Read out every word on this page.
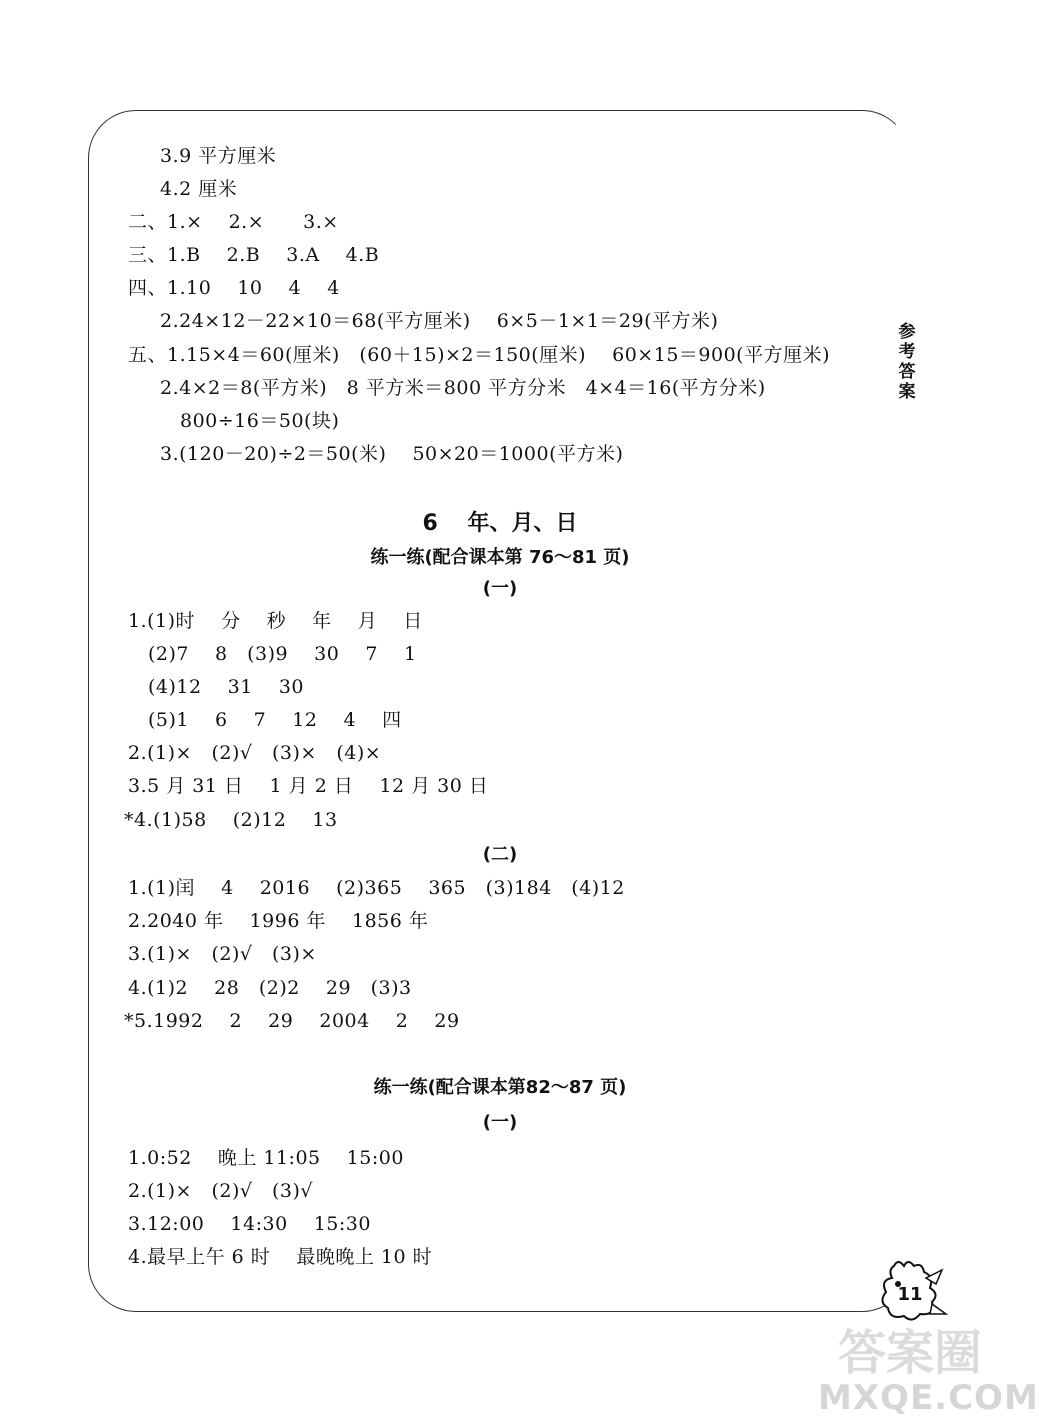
3.9 平方厘米
4.2 厘米
二、1.×　 2.×　　3.×
三、1.B　 2.B　 3.A　 4.B
四、1.10　 10　 4　 4
2.24×12－22×10＝68(平方厘米)　 6×5－1×1＝29(平方米)
五、1.15×4＝60(厘米)　(60＋15)×2＝150(厘米)　 60×15＝900(平方厘米)
2.4×2＝8(平方米)　8 平方米＝800 平方分米　4×4＝16(平方分米)
800÷16＝50(块)
3.(120－20)÷2＝50(米)　 50×20＝1000(平方米)
参考答案
6　 年、月、日
练一练(配合课本第 76～81 页)
(一)
1.(1)时　 分　 秒　 年　 月　 日
(2)7　 8　(3)9　 30　 7　 1
(4)12　 31　 30
(5)1　 6　 7　 12　 4　 四
2.(1)×　(2)√　(3)×　(4)×
3.5 月 31 日　 1 月 2 日　 12 月 30 日
*4.(1)58　 (2)12　 13
(二)
1.(1)闰　 4　 2016　 (2)365　 365　(3)184　(4)12
2.2040 年　 1996 年　 1856 年
3.(1)×　(2)√　(3)×
4.(1)2　 28　(2)2　 29　(3)3
*5.1992　 2　 29　 2004　 2　 29
练一练(配合课本第82～87 页)
(一)
1.0:52　 晚上 11:05　 15:00
2.(1)×　(2)√　(3)√
3.12:00　 14:30　 15:30
4.最早上午 6 时　 最晚晚上 10 时
11
答案圈
MXQE.COM
